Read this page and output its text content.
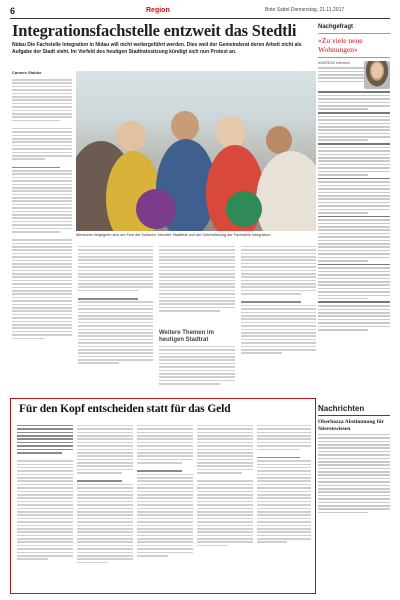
6	Region	Bote Sattel Donnerstag, 21.11.2017
Integrationsfachstelle entzweit das Stedtli

Nidau Die Fachstelle Integration in Nidau will nicht weitergeführt werden. Dies weil der Gemeinderat deren Arbeit nicht als Aufgabe der Stadt sieht. Im Vorfeld des heutigen Stadtratssitzung kündigt sich nun Protest an.

Carmen Stalder

Menschen begegnen sich am Fest der Kulturen: Neunter Stadtfest und der Unterstützung der Fachstelle Integration.

Weitere Themen im heutigen Stadtrat
Nachgefragt
«Zu viele neue Wohnungen»
ANDREAS Interview
Für den Kopf entscheiden statt für das Geld	Nachrichten
Oberbozza Abstimmung für Stierenwiesen
